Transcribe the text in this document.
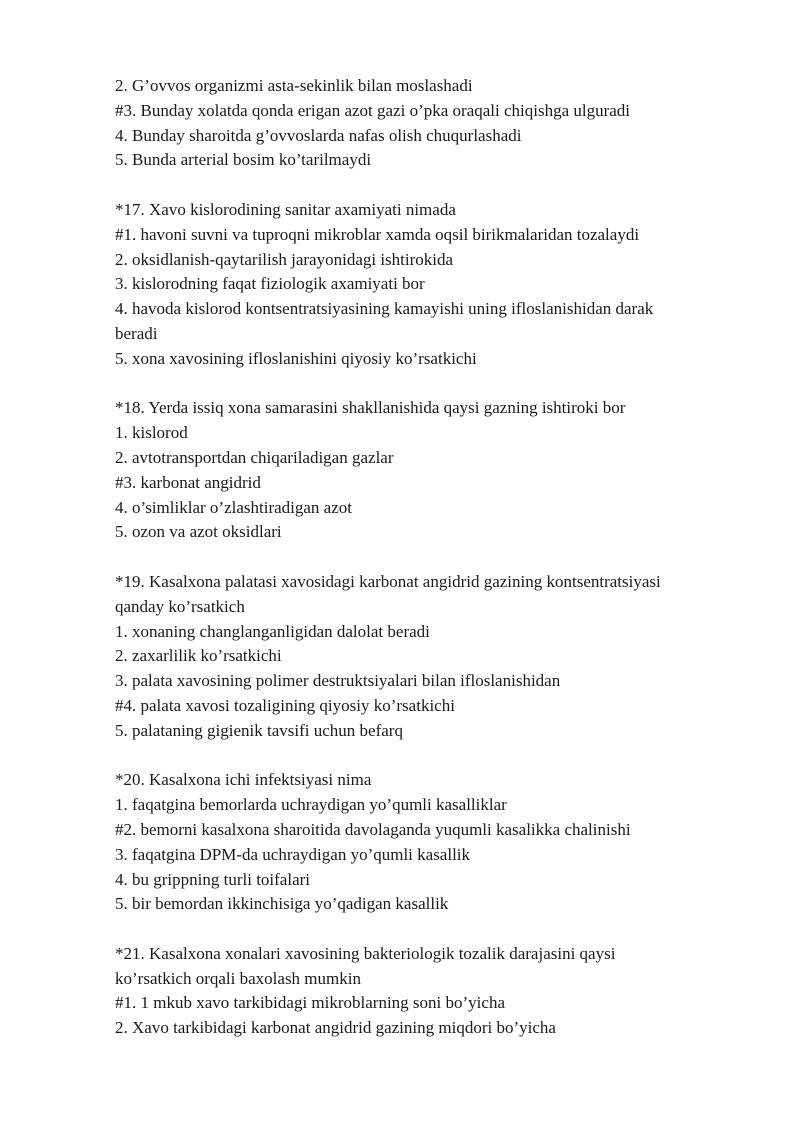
2. G’ovvos organizmi asta-sekinlik bilan moslashadi
#3. Bunday xolatda qonda erigan azot gazi o’pka oraqali chiqishga ulguradi
4. Bunday sharoitda g’ovvoslarda nafas olish chuqurlashadi
5. Bunda arterial bosim ko’tarilmaydi
*17. Xavo kislorodining sanitar axamiyati nimada
#1. havoni suvni va tuproqni mikroblar xamda oqsil birikmalaridan tozalaydi
2. oksidlanish-qaytarilish jarayonidagi ishtirokida
3. kislorodning faqat fiziologik axamiyati bor
4. havoda kislorod kontsentratsiyasining kamayishi uning ifloslanishidan darak
beradi
5. xona xavosining ifloslanishini qiyosiy ko’rsatkichi
*18. Yerda issiq xona samarasini shakllanishida qaysi gazning ishtiroki bor
1. kislorod
2. avtotransportdan chiqariladigan gazlar
#3. karbonat angidrid
4. o’simliklar o’zlashtiradigan azot
5. ozon va azot oksidlari
*19. Kasalxona palatasi xavosidagi karbonat angidrid gazining kontsentratsiyasi
qanday ko’rsatkich
1. xonaning changlanganligidan dalolat beradi
2. zaxarlilik ko’rsatkichi
3. palata xavosining polimer destruktsiyalari bilan ifloslanishidan
#4. palata xavosi tozaligining qiyosiy ko’rsatkichi
5. palataning gigienik tavsifi uchun befarq
*20. Kasalxona ichi infektsiyasi nima
1. faqatgina bemorlarda uchraydigan yo’qumli kasalliklar
#2. bemorni kasalxona sharoitida davolaganda yuqumli kasalikka chalinishi
3. faqatgina DPM-da uchraydigan yo’qumli kasallik
4. bu grippning turli toifalari
5. bir bemordan ikkinchisiga yo’qadigan kasallik
*21. Kasalxona xonalari xavosining bakteriologik tozalik darajasini qaysi
ko’rsatkich orqali baxolash mumkin
#1. 1 mkub xavo tarkibidagi mikroblarning soni bo’yicha
2. Xavo tarkibidagi karbonat angidrid gazining miqdori bo’yicha
